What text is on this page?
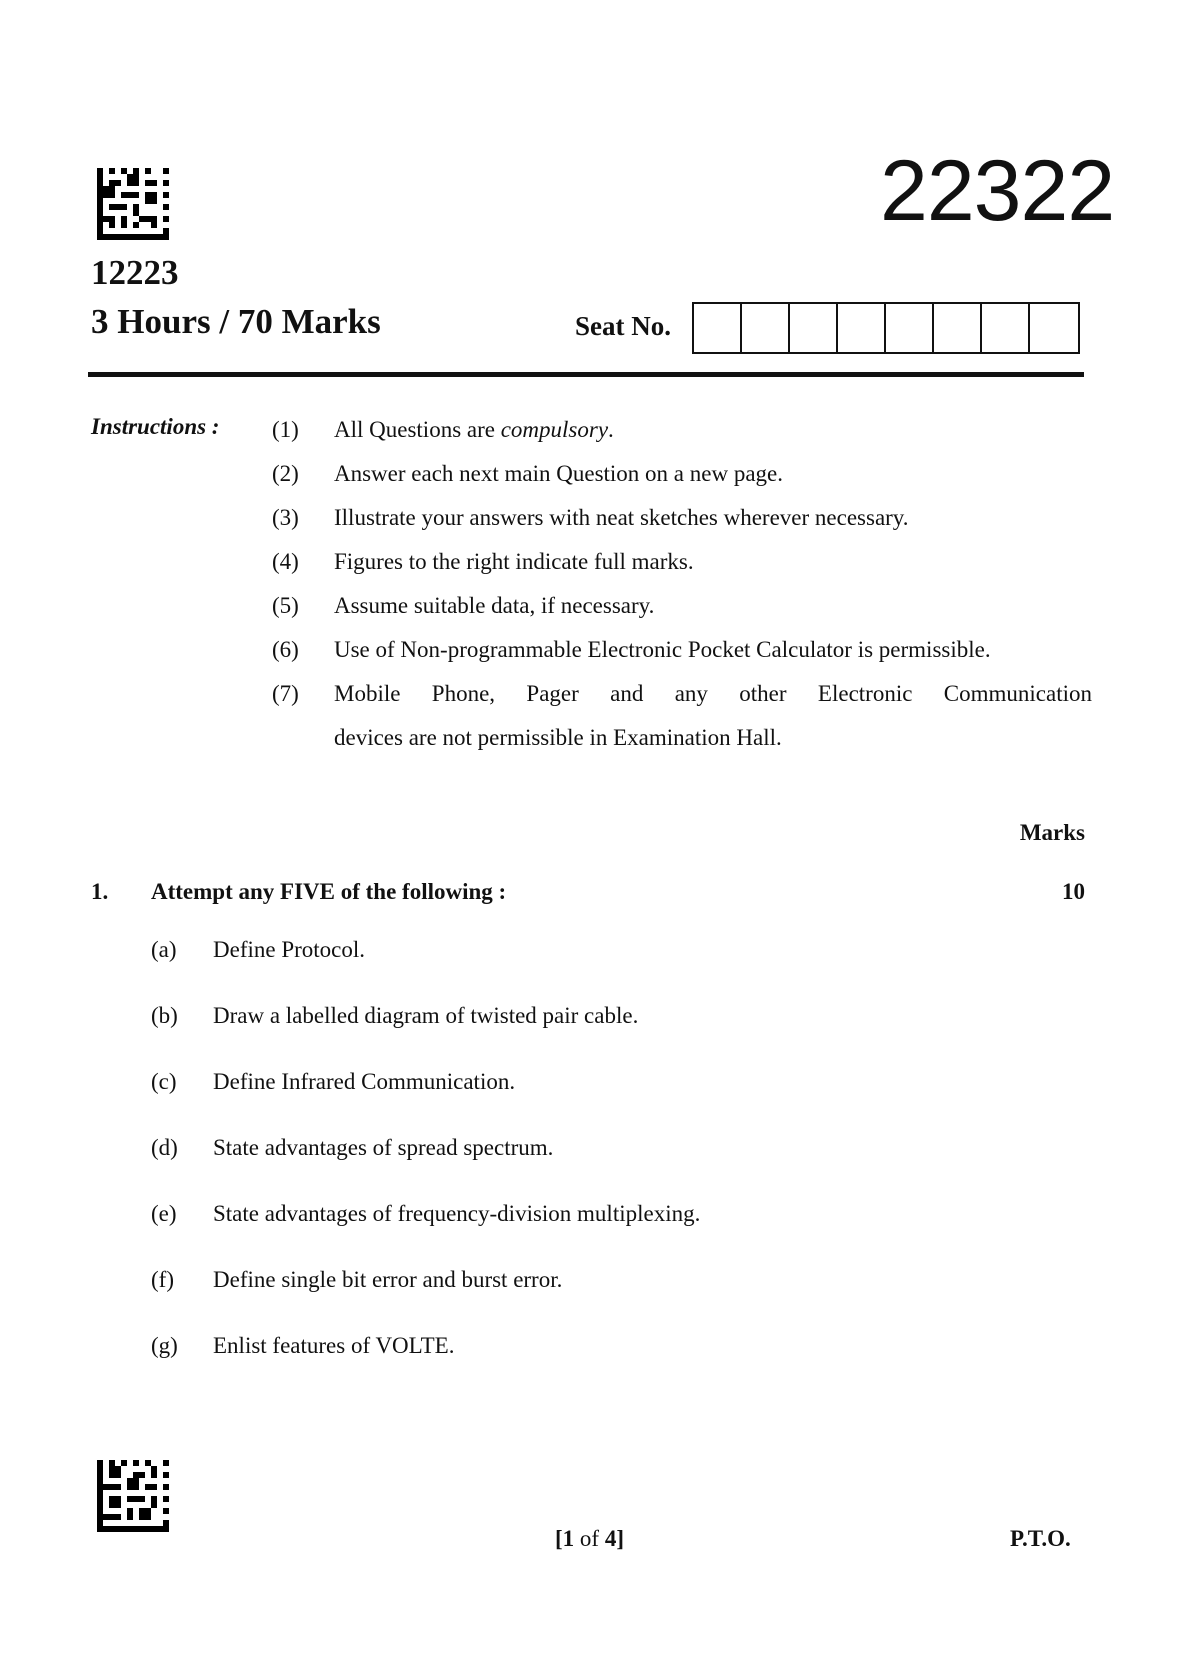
22322
12223
3 Hours / 70 Marks	Seat No.
Instructions : (1)	All Questions are compulsory.
(2)	Answer each next main Question on a new page.
(3)	Illustrate your answers with neat sketches wherever necessary.
(4)	Figures to the right indicate full marks.
(5)	Assume suitable data, if necessary.
(6)	Use of Non-programmable Electronic Pocket Calculator is permissible.
(7)	Mobile Phone, Pager and any other Electronic Communication
devices are not permissible in Examination Hall.
Marks
1. Attempt any FIVE of the following :	10
(a)	Define Protocol.
(b)	Draw a labelled diagram of twisted pair cable.
(c)	Define Infrared Communication.
(d)	State advantages of spread spectrum.
(e)	State advantages of frequency-division multiplexing.
(f)	Define single bit error and burst error.
(g)	Enlist features of VOLTE.
[1 of 4]	P.T.O.
